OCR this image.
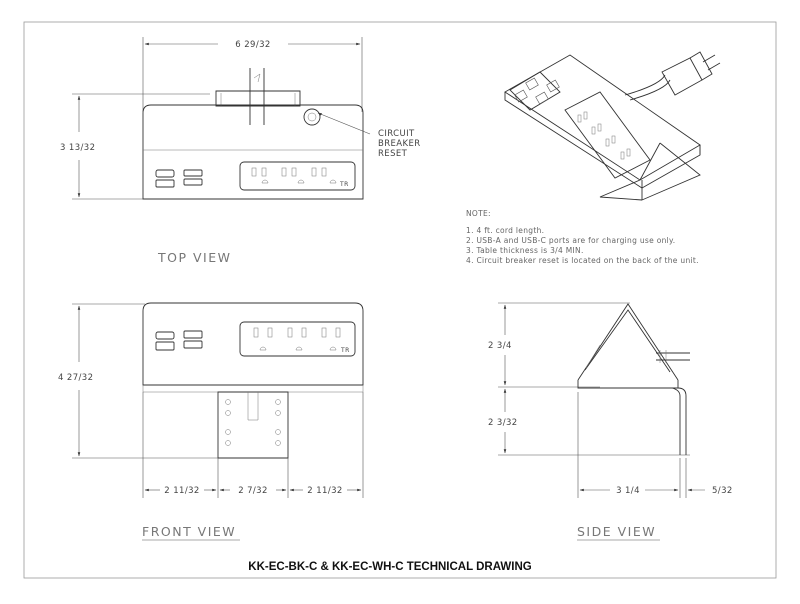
6 29/32
3 13/32
CIRCUIT
BREAKER
RESET
TR
TOP VIEW
NOTE:
1. 4 ft. cord length.
2. USB-A and USB-C ports are for charging use only.
3. Table thickness is 3/4 MIN.
4. Circuit breaker reset is located on the back of the unit.
4 27/32
TR
2 11/32	2 7/32	2 11/32
FRONT VIEW
2 3/4
2 3/32
3 1/4	5/32
SIDE VIEW
KK-EC-BK-C & KK-EC-WH-C TECHNICAL DRAWING
